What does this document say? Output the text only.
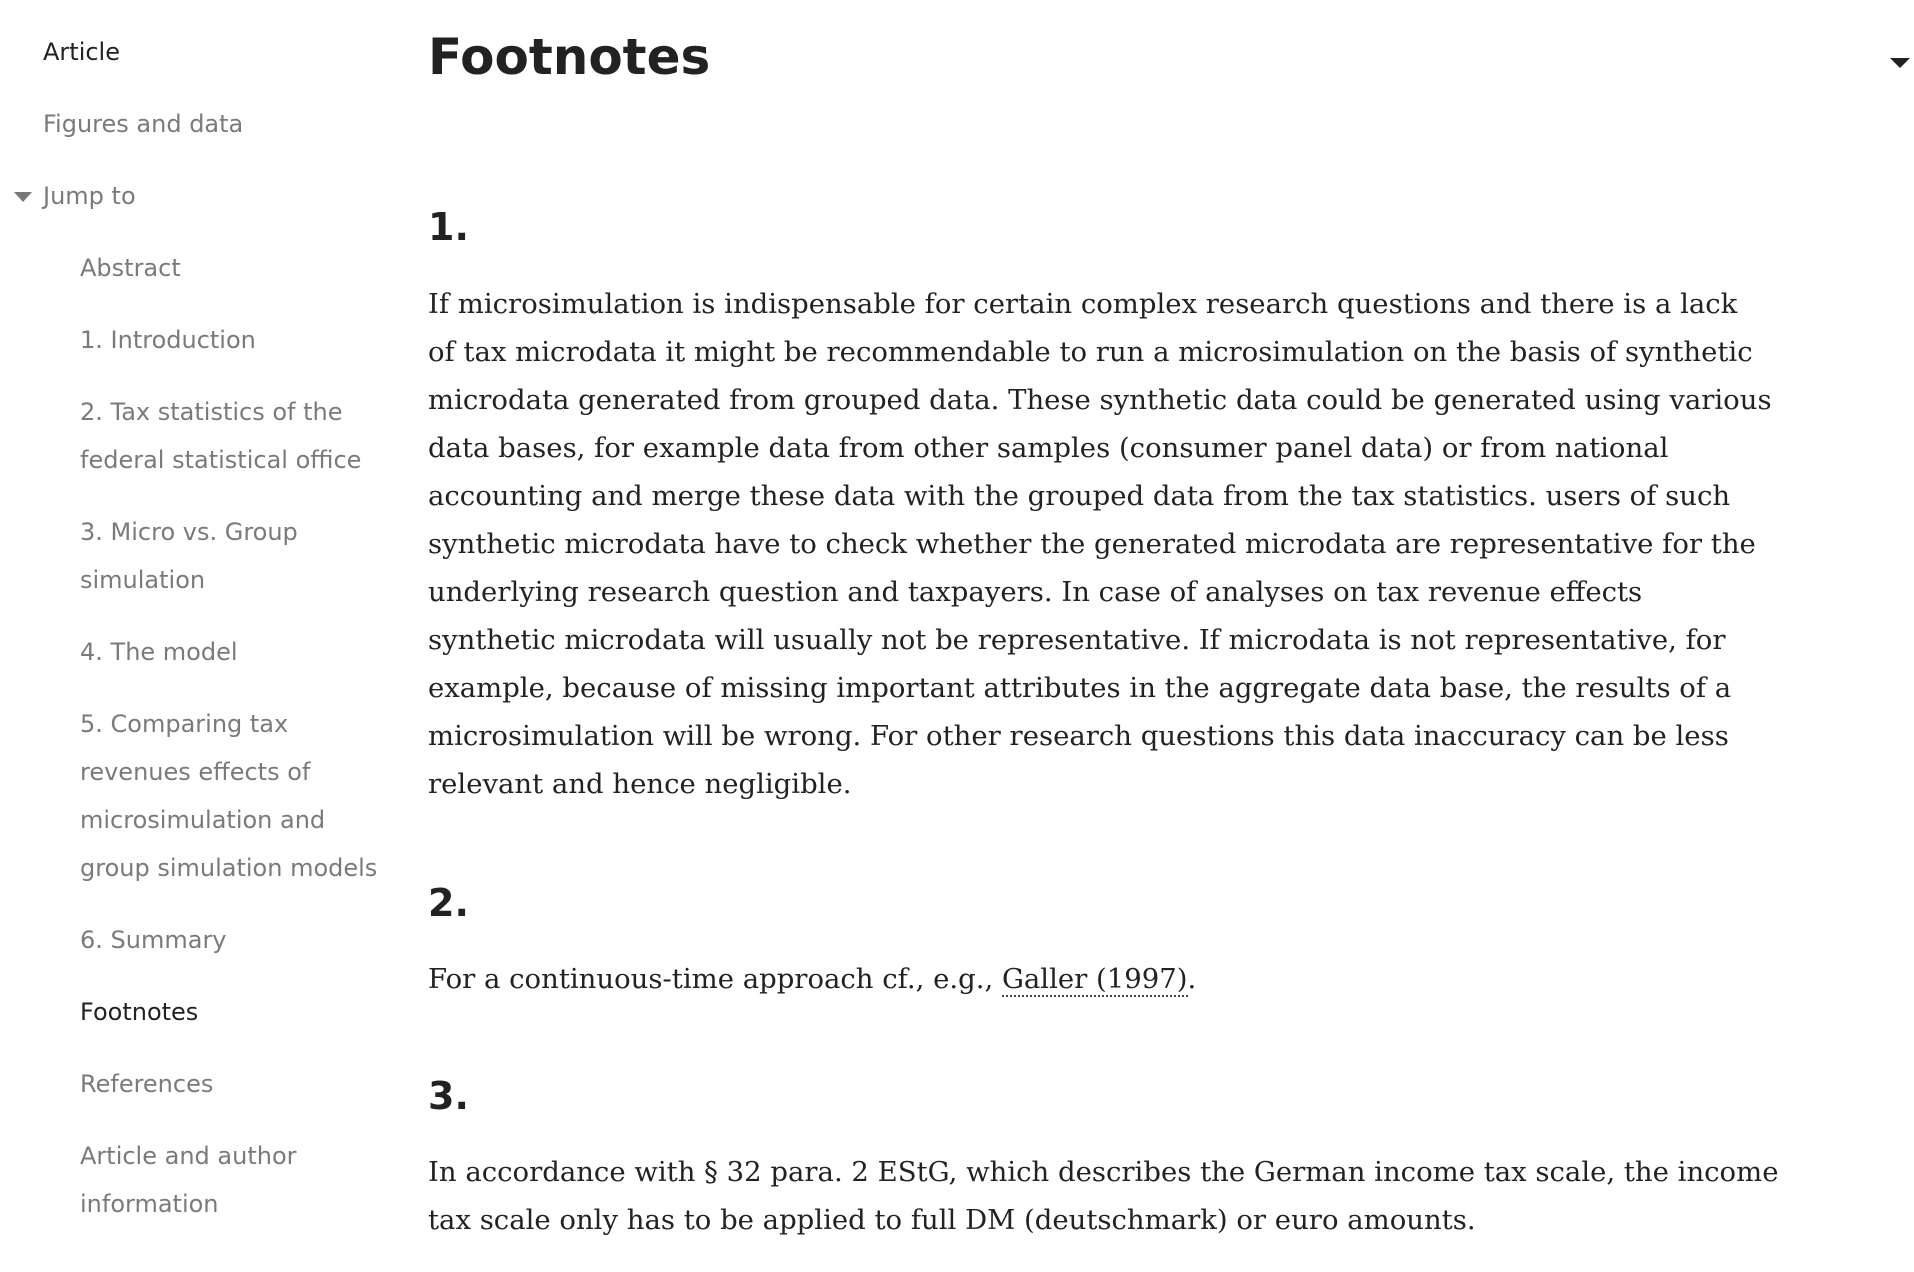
Article
Figures and data
Jump to
Abstract
1. Introduction
2. Tax statistics of the
federal statistical office
3. Micro vs. Group
simulation
4. The model
5. Comparing tax
revenues effects of
microsimulation and
group simulation models
6. Summary
Footnotes
References
Article and author
information
Footnotes
1.

If microsimulation is indispensable for certain complex research questions and there is a lack
of tax microdata it might be recommendable to run a microsimulation on the basis of synthetic
microdata generated from grouped data. These synthetic data could be generated using various
data bases, for example data from other samples (consumer panel data) or from national
accounting and merge these data with the grouped data from the tax statistics. users of such
synthetic microdata have to check whether the generated microdata are representative for the
underlying research question and taxpayers. In case of analyses on tax revenue effects
synthetic microdata will usually not be representative. If microdata is not representative, for
example, because of missing important attributes in the aggregate data base, the results of a
microsimulation will be wrong. For other research questions this data inaccuracy can be less
relevant and hence negligible.

2.

For a continuous-time approach cf., e.g., Galler (1997).

3.

In accordance with § 32 para. 2 EStG, which describes the German income tax scale, the income
tax scale only has to be applied to full DM (deutschmark) or euro amounts.
